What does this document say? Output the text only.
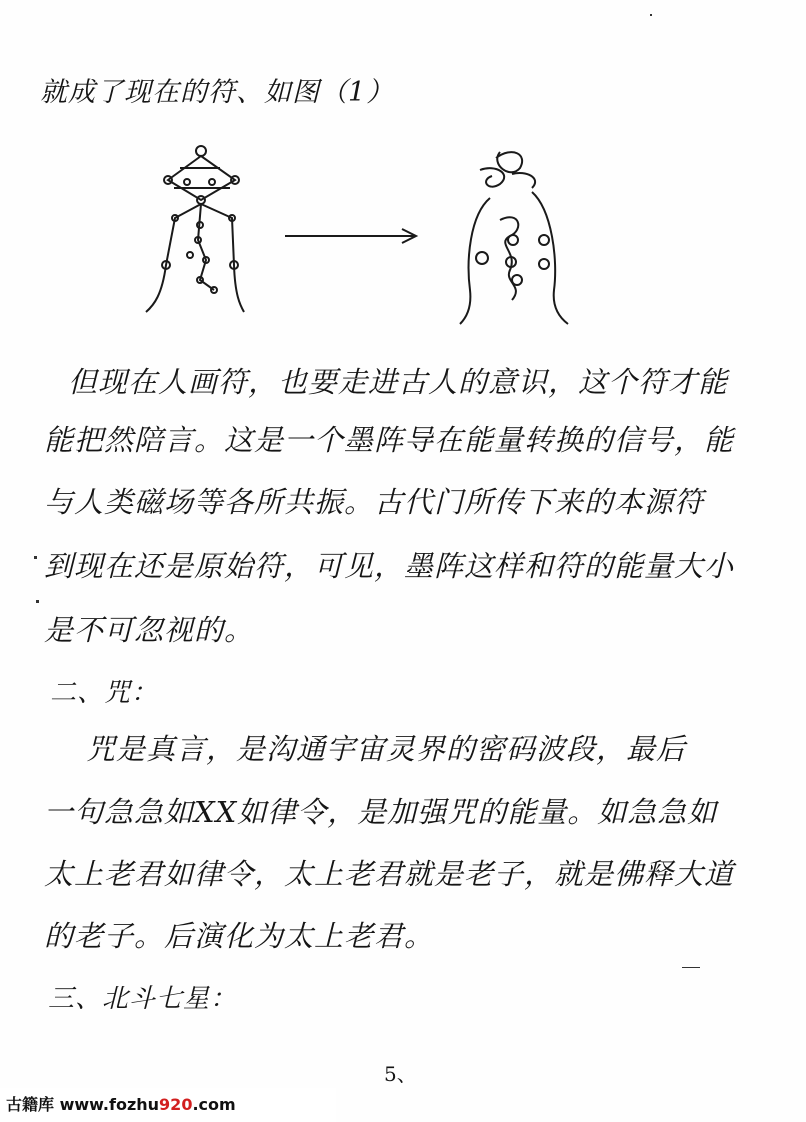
就成了现在的符、如图（1）
但现在人画符，也要走进古人的意识，这个符才能
能把然陪言。这是一个墨阵导在能量转换的信号，能
与人类磁场等各所共振。古代门所传下来的本源符
到现在还是原始符，可见，墨阵这样和符的能量大小
是不可忽视的。
二、咒：
咒是真言，是沟通宇宙灵界的密码波段，最后
一句急急如XX如律令，是加强咒的能量。如急急如
太上老君如律令，太上老君就是老子，就是佛释大道
的老子。后演化为太上老君。
三、北斗七星：
5、
古籍库 www.fozhu920.com
